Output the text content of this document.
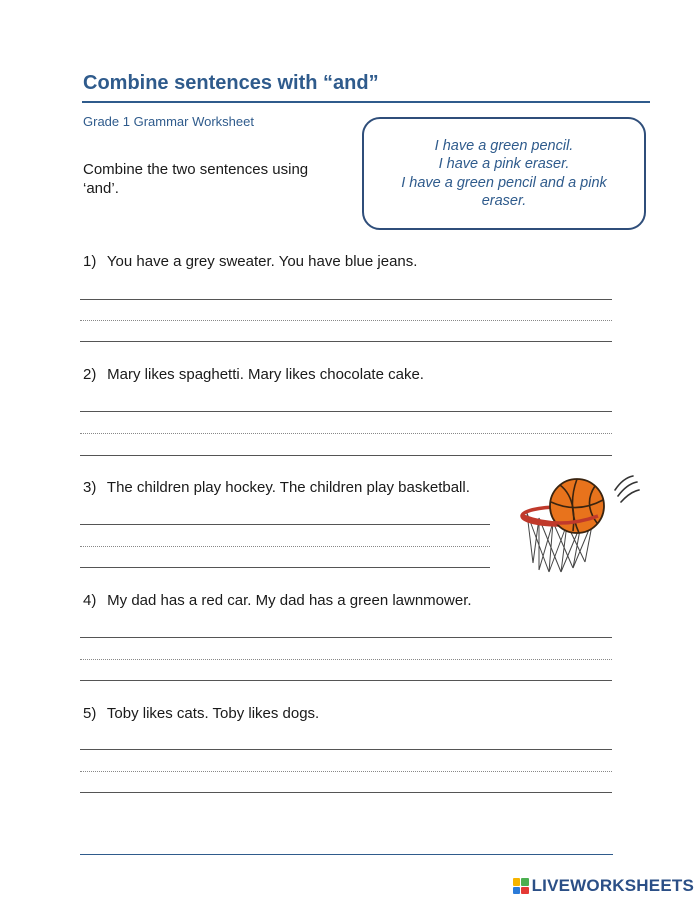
Combine sentences with “and”
Grade 1 Grammar Worksheet
Combine the two sentences using ‘and’.
I have a green pencil.
I have a pink eraser.
I have a green pencil and a pink eraser.
1) You have a grey sweater. You have blue jeans.
2) Mary likes spaghetti. Mary likes chocolate cake.
3) The children play hockey. The children play basketball.
4) My dad has a red car. My dad has a green lawnmower.
5) Toby likes cats. Toby likes dogs.
LIVEWORKSHEETS
